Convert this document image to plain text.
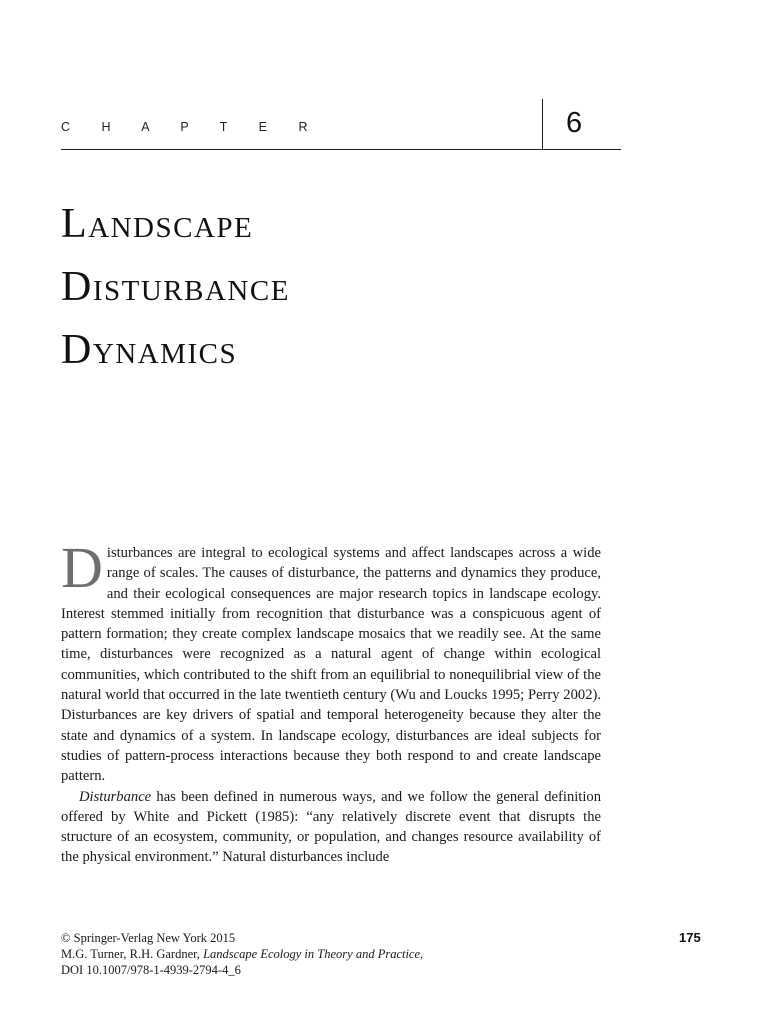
C H A P T E R	6
Landscape
Disturbance
Dynamics

Disturbances are integral to ecological systems and affect landscapes across a wide range of scales. The causes of disturbance, the patterns and dynamics they produce, and their ecological consequences are major research topics in landscape ecology. Interest stemmed initially from recognition that disturbance was a conspicuous agent of pattern formation; they create complex landscape mosaics that we readily see. At the same time, disturbances were recognized as a natural agent of change within ecological communities, which contributed to the shift from an equilibrial to nonequilibrial view of the natural world that occurred in the late twentieth century (Wu and Loucks 1995; Perry 2002). Disturbances are key drivers of spatial and temporal heterogeneity because they alter the state and dynamics of a system. In landscape ecology, disturbances are ideal subjects for studies of pattern-process interactions because they both respond to and create landscape pattern.

Disturbance has been defined in numerous ways, and we follow the general definition offered by White and Pickett (1985): “any relatively discrete event that disrupts the structure of an ecosystem, community, or population, and changes resource availability of the physical environment.” Natural disturbances include

© Springer-Verlag New York 2015
M.G. Turner, R.H. Gardner, Landscape Ecology in Theory and Practice,
DOI 10.1007/978-1-4939-2794-4_6
175
